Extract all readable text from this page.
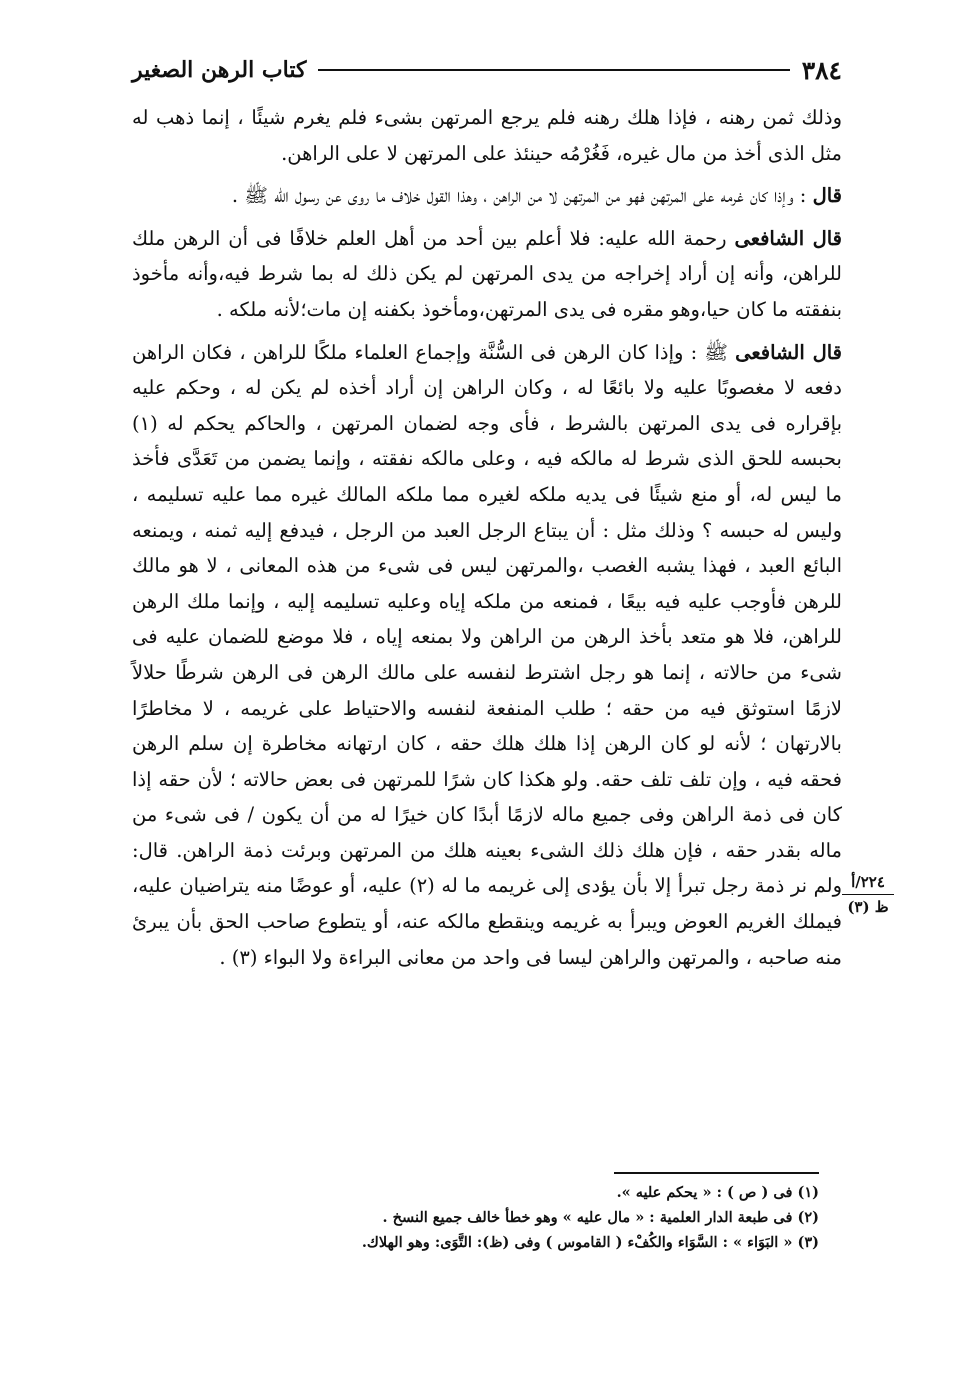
٣٨٤
كتاب الرهن الصغير

وذلك ثمن رهنه ، فإذا هلك رهنه فلم يرجع المرتهن بشىء فلم يغرم شيئًا ، إنما ذهب له مثل الذى أخذ من مال غيره، فَغُرْمُه حينئذ على المرتهن لا على الراهن.

قال : وإذا كان غرمه على المرتهن فهو من المرتهن لا من الراهن ، وهذا القول خلاف ما روى عن رسول الله ﷺ .

قال الشافعى رحمة الله عليه: فلا أعلم بين أحد من أهل العلم خلافًا فى أن الرهن ملك للراهن، وأنه إن أراد إخراجه من يدى المرتهن لم يكن ذلك له بما شرط فيه،وأنه مأخوذ بنفقته ما كان حيا،وهو مقره فى يدى المرتهن،ومأخوذ بكفنه إن مات؛لأنه ملكه .

قال الشافعى ﷺ : وإذا كان الرهن فى السُّنَّة وإجماع العلماء ملكًا للراهن ، فكان الراهن دفعه لا مغصوبًا عليه ولا بائعًا له ، وكان الراهن إن أراد أخذه لم يكن له ، وحكم عليه بإقراره فى يدى المرتهن بالشرط ، فأى وجه لضمان المرتهن ، والحاكم يحكم له (١) بحبسه للحق الذى شرط له مالكه فيه ، وعلى مالكه نفقته ، وإنما يضمن من تَعَدَّى فأخذ ما ليس له، أو منع شيئًا فى يديه ملكه لغيره مما ملكه المالك غيره مما عليه تسليمه ، وليس له حبسه ؟ وذلك مثل : أن يبتاع الرجل العبد من الرجل ، فيدفع إليه ثمنه ، ويمنعه البائع العبد ، فهذا يشبه الغصب ،والمرتهن ليس فى شىء من هذه المعانى ، لا هو مالك للرهن فأوجب عليه فيه بيعًا ، فمنعه من ملكه إياه وعليه تسليمه إليه ، وإنما ملك الرهن للراهن، فلا هو متعد بأخذ الرهن من الراهن ولا بمنعه إياه ، فلا موضع للضمان عليه فى شىء من حالاته ، إنما هو رجل اشترط لنفسه على مالك الرهن فى الرهن شرطًا حلالاً لازمًا استوثق فيه من حقه ؛ طلب المنفعة لنفسه والاحتياط على غريمه ، لا مخاطرًا بالارتهان ؛ لأنه لو كان الرهن إذا هلك هلك حقه ، كان ارتهانه مخاطرة إن سلم الرهن فحقه فيه ، وإن تلف تلف حقه. ولو هكذا كان شرًا للمرتهن فى بعض حالاته ؛ لأن حقه إذا كان فى ذمة الراهن وفى جميع ماله لازمًا أبدًا كان خيرًا له من أن يكون / فى شىء من ماله بقدر حقه ، فإن هلك ذلك الشىء بعينه هلك من المرتهن وبرئت ذمة الراهن. قال: ولم نر ذمة رجل تبرأ إلا بأن يؤدى إلى غريمه ما له (٢) عليه، أو عوضًا منه يتراضيان عليه، فيملك الغريم العوض ويبرأ به غريمه وينقطع مالكه عنه، أو يتطوع صاحب الحق بأن يبرئ منه صاحبه ، والمرتهن والراهن ليسا فى واحد من معانى البراءة ولا البواء (٣) .

٢٢٤/أ
ظ (٣)

(١) فى ( ص ) : « يحكم عليه ».

(٢) فى طبعة الدار العلمية : « مال عليه » وهو خطأ خالف جميع النسخ .

(٣) « البَوَاء » : السَّوَاء والكُفْء ( القاموس ) وفى (ظ): التَّوَى: وهو الهلاك.
